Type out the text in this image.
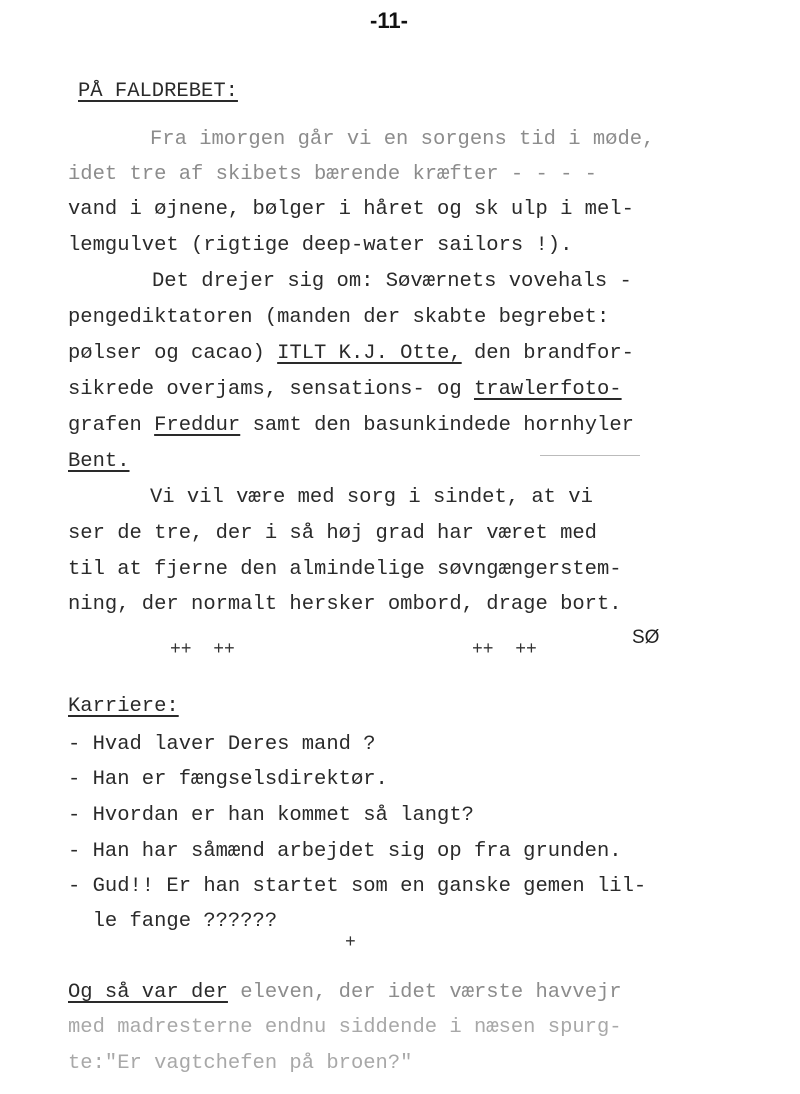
-11-
PÅ FALDREBET:
Fra imorgen går vi en sorgens tid i møde,
idet tre af skibets bærende kræfter - - - -
vand i øjnene, bølger i håret og sk ulp i mel-
lemgulvet (rigtige deep-water sailors !).
Det drejer sig om: Søværnets vovehals -
pengediktatoren (manden der skabte begrebet:
pølser og cacao) ITLT K.J. Otte, den brandfor-
sikrede overjams, sensations- og trawlerfoto-
grafen Freddur samt den basunkindede hornhyler
Bent.
Vi vil være med sorg i sindet, at vi
ser de tre, der i så høj grad har været med
til at fjerne den almindelige søvngængerstem-
ning, der normalt hersker ombord, drage bort.
SØ
++  ++	++  ++
Karriere:
- Hvad laver Deres mand ?
- Han er fængselsdirektør.
- Hvordan er han kommet så langt?
- Han har såmænd arbejdet sig op fra grunden.
- Gud!! Er han startet som en ganske gemen lil-
le fange ??????
+
Og så var der eleven, der idet værste havvejr
med madresterne endnu siddende i næsen spurg-
te:"Er vagtchefen på broen?"
